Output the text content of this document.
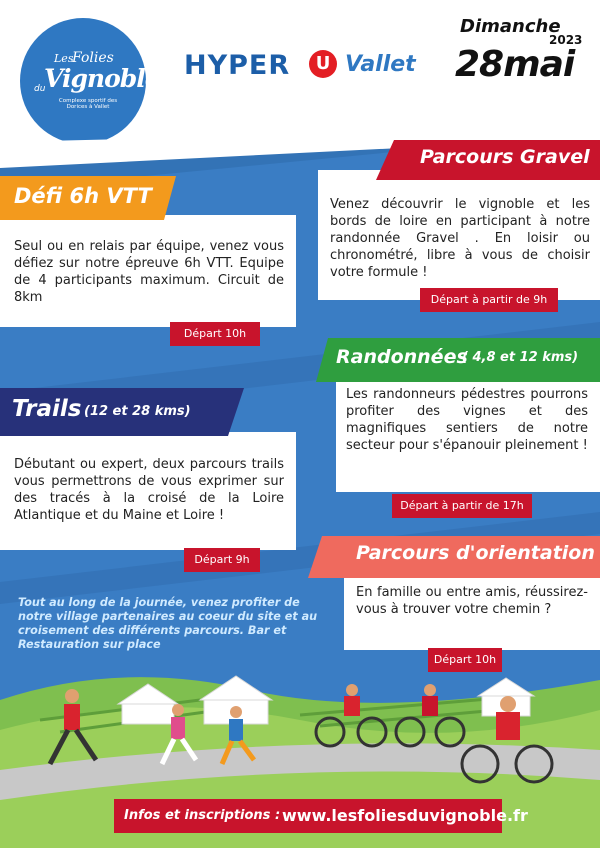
Les
Folies
Vignoble
du
Complexe sportif des Dorices à Vallet
HYPER	U Vallet
Dimanche
2023
28mai
Défi 6h VTT
Seul ou en relais par équipe, venez vous défiez sur notre épreuve 6h VTT. Equipe de 4 participants maximum. Circuit de 8km
Départ 10h
Parcours Gravel
Venez découvrir le vignoble et les bords de loire en participant à notre randonnée Gravel . En loisir ou chronométré, libre à vous de choisir votre formule !
Départ à partir de 9h
Randonnées
( 4,8 et 12 kms)
Les randonneurs pédestres pourrons profiter des vignes et des magnifiques sentiers de notre secteur pour s'épanouir pleinement !
Départ à partir de 17h
Trails (12 et 28 kms)
Débutant ou expert, deux parcours trails vous permettrons de vous exprimer sur des tracés à la croisé de la Loire Atlantique et du Maine et Loire !
Départ 9h	Parcours d'orientation
En famille ou entre amis, réussirez-vous à trouver votre chemin ?
Départ 10h
Tout au long de la journée, venez profiter de notre village partenaires au coeur du site et au croisement des différents parcours. Bar et Restauration sur place
Infos et inscriptions : www.lesfoliesduvignoble.fr
